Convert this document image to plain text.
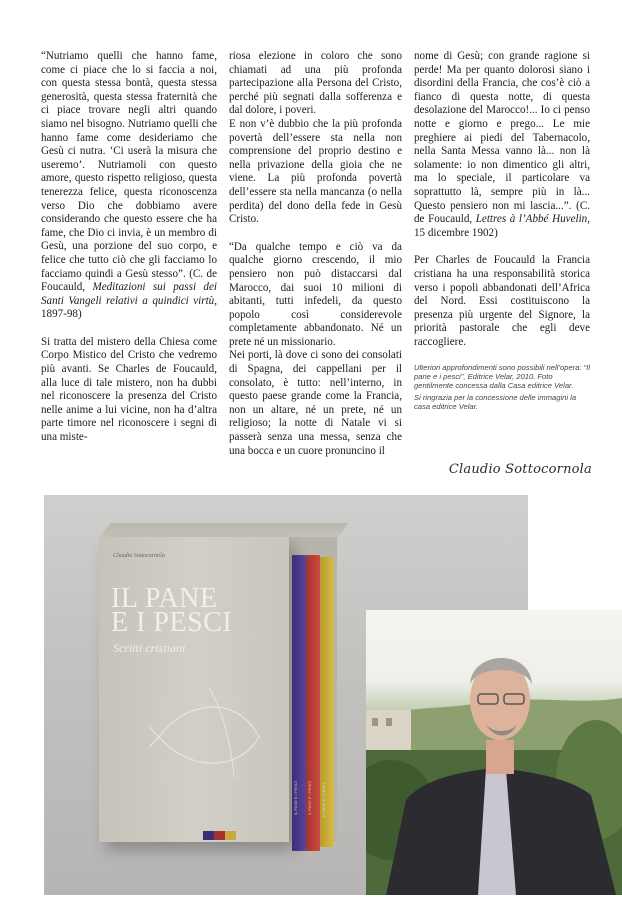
“Nutriamo quelli che hanno fame, come ci piace che lo si faccia a noi, con questa stessa bontà, questa stessa generosità, questa stessa fraternità che ci piace trovare negli altri quando siamo nel bisogno. Nutriamo quelli che hanno fame come desideriamo che Gesù ci nutra. ‘Ci userà la misura che useremo’. Nutriamoli con questo amore, questo rispetto religioso, questa tenerezza felice, questa riconoscenza verso Dio che dobbiamo avere considerando che questo essere che ha fame, che Dio ci invia, è un membro di Gesù, una porzione del suo corpo, e felice che tutto ciò che gli facciamo lo facciamo quindi a Gesù stesso”. (C. de Foucauld, Meditazioni sui passi dei Santi Vangeli relativi a quindici virtù, 1897-98)

Si tratta del mistero della Chiesa come Corpo Mistico del Cristo che vedremo più avanti. Se Charles de Foucauld, alla luce di tale mistero, non ha dubbi nel riconoscere la presenza del Cristo nelle anime a lui vicine, non ha d’altra parte timore nel riconoscere i segni di una miste-

riosa elezione in coloro che sono chiamati ad una più profonda partecipazione alla Persona del Cristo, perché più segnati dalla sofferenza e dal dolore, i poveri.

E non v’è dubbio che la più profonda povertà dell’essere sta nella non comprensione del proprio destino e nella privazione della gioia che ne viene. La più profonda povertà dell’essere sta nella mancanza (o nella perdita) del dono della fede in Gesù Cristo.

“Da qualche tempo e ciò va da qualche giorno crescendo, il mio pensiero non può distaccarsi dal Marocco, dai suoi 10 milioni di abitanti, tutti infedeli, da questo popolo così considerevole completamente abbandonato. Né un prete né un missionario.

Nei porti, là dove ci sono dei consolati di Spagna, dei cappellani per il consolato, è tutto: nell’interno, in questo paese grande come la Francia, non un altare, né un prete, né un religioso; la notte di Natale vi si passerà senza una messa, senza che una bocca e un cuore pronuncino il

nome di Gesù; con grande ragione si perde! Ma per quanto dolorosi siano i disordini della Francia, che cos’è ciò a fianco di questa notte, di questa desolazione del Marocco!... Io ci penso notte e giorno e prego... Le mie preghiere ai piedi del Tabernacolo, nella Santa Messa vanno là... non là solamente: io non dimentico gli altri, ma lo speciale, il particolare va soprattutto là, sempre più in là... Questo pensiero non mi lascia...”. (C. de Foucauld, Lettres à l’Abbé Huvelin, 15 dicembre 1902)

Per Charles de Foucauld la Francia cristiana ha una responsabilità storica verso i popoli abbandonati dell’Africa del Nord. Essi costituiscono la presenza più urgente del Signore, la priorità pastorale che egli deve raccogliere.

Ulteriori approfondimenti sono possibili nell’opera: “Il pane e i pesci”, Editrice Velar, 2010. Foto gentilmente concessa dalla Casa editrice Velar.

Si ringrazia per la concessione delle immagini la casa editrice Velar.

Claudio Sottocornola
Claudio Sottocornola
IL PANE
E I PESCI
Scritti cristiani
IL PANE E I PESCI	IL PANE E I PESCI	IL PANE E I PESCI
